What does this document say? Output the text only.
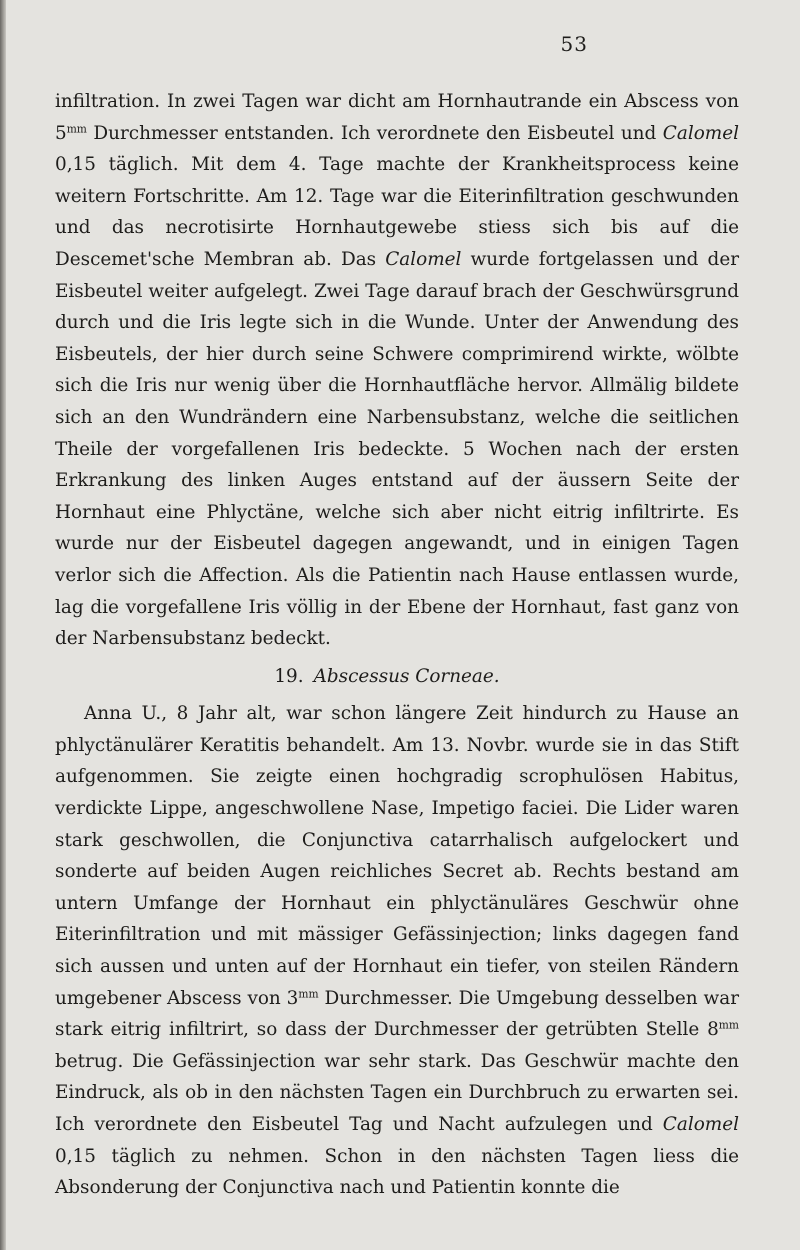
53

infiltration. In zwei Tagen war dicht am Hornhautrande ein Abscess von $5^{mm}$ Durchmesser entstanden. Ich verordnete den Eisbeutel und Calomel 0,15 täglich. Mit dem 4. Tage machte der Krankheitsprocess keine weitern Fortschritte. Am 12. Tage war die Eiterinfiltration geschwunden und das necrotisirte Hornhautgewebe stiess sich bis auf die Descemet'sche Membran ab. Das Calomel wurde fortgelassen und der Eisbeutel weiter aufgelegt. Zwei Tage darauf brach der Geschwürsgrund durch und die Iris legte sich in die Wunde. Unter der Anwendung des Eisbeutels, der hier durch seine Schwere comprimirend wirkte, wölbte sich die Iris nur wenig über die Hornhautfläche hervor. Allmälig bildete sich an den Wundrändern eine Narbensubstanz, welche die seitlichen Theile der vorgefallenen Iris bedeckte. 5 Wochen nach der ersten Erkrankung des linken Auges entstand auf der äussern Seite der Hornhaut eine Phlyctäne, welche sich aber nicht eitrig infiltrirte. Es wurde nur der Eisbeutel dagegen angewandt, und in einigen Tagen verlor sich die Affection. Als die Patientin nach Hause entlassen wurde, lag die vorgefallene Iris völlig in der Ebene der Hornhaut, fast ganz von der Narbensubstanz bedeckt.

19. Abscessus Corneae.

Anna U., 8 Jahr alt, war schon längere Zeit hindurch zu Hause an phlyctänulärer Keratitis behandelt. Am 13. Novbr. wurde sie in das Stift aufgenommen. Sie zeigte einen hochgradig scrophulösen Habitus, verdickte Lippe, angeschwollene Nase, Impetigo faciei. Die Lider waren stark geschwollen, die Conjunctiva catarrhalisch aufgelockert und sonderte auf beiden Augen reichliches Secret ab. Rechts bestand am untern Umfange der Hornhaut ein phlyctänuläres Geschwür ohne Eiterinfiltration und mit mässiger Gefässinjection; links dagegen fand sich aussen und unten auf der Hornhaut ein tiefer, von steilen Rändern umgebener Abscess von $3^{mm}$ Durchmesser. Die Umgebung desselben war stark eitrig infiltrirt, so dass der Durchmesser der getrübten Stelle $8^{mm}$ betrug. Die Gefässinjection war sehr stark. Das Geschwür machte den Eindruck, als ob in den nächsten Tagen ein Durchbruch zu erwarten sei. Ich verordnete den Eisbeutel Tag und Nacht aufzulegen und Calomel 0,15 täglich zu nehmen. Schon in den nächsten Tagen liess die Absonderung der Conjunctiva nach und Patientin konnte die
